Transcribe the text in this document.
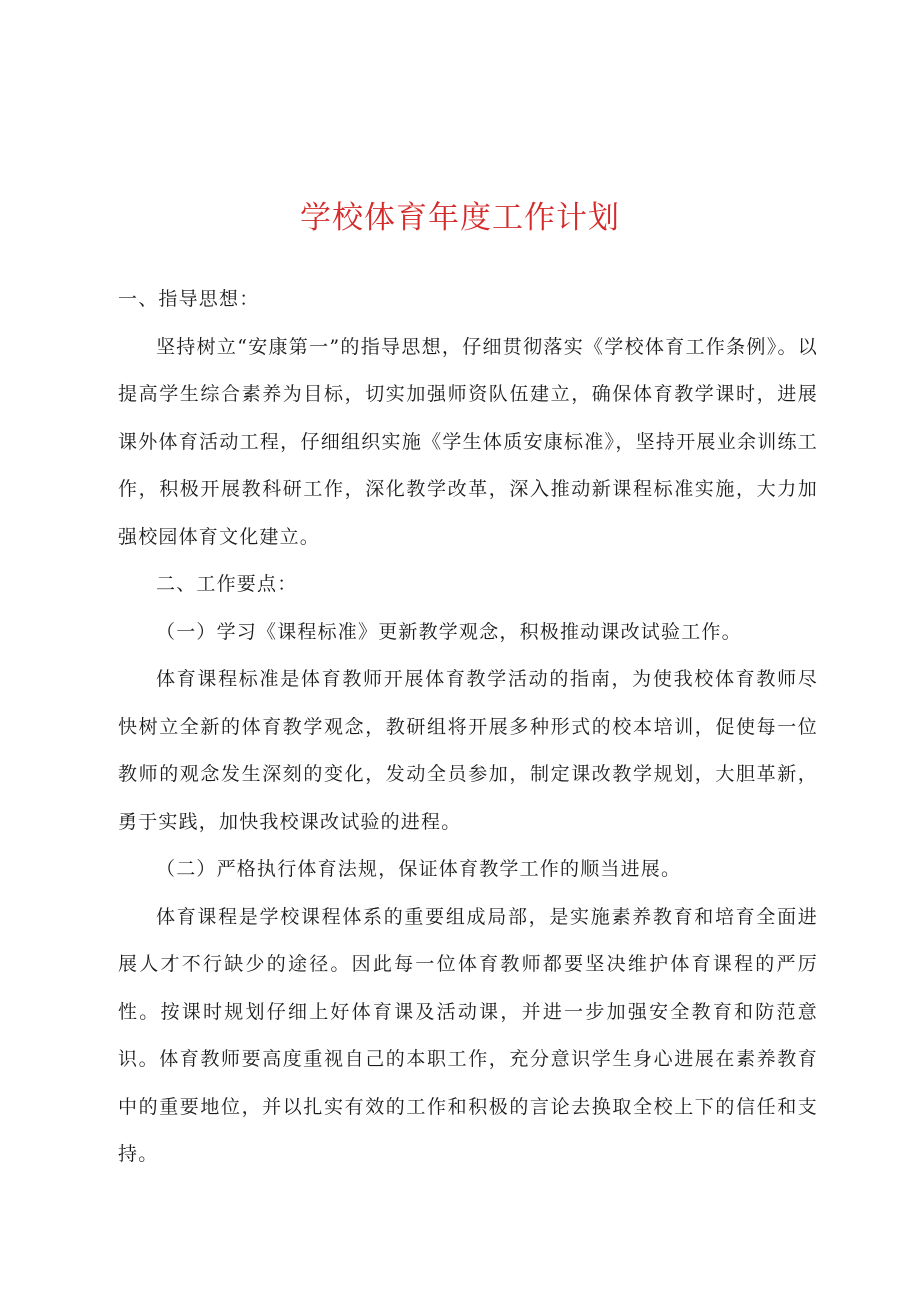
学校体育年度工作计划

一、指导思想：

坚持树立“安康第一”的指导思想，仔细贯彻落实《学校体育工作条例》。以提高学生综合素养为目标，切实加强师资队伍建立，确保体育教学课时，进展课外体育活动工程，仔细组织实施《学生体质安康标准》，坚持开展业余训练工作，积极开展教科研工作，深化教学改革，深入推动新课程标准实施，大力加强校园体育文化建立。

二、工作要点：

（一）学习《课程标准》更新教学观念，积极推动课改试验工作。

体育课程标准是体育教师开展体育教学活动的指南，为使我校体育教师尽快树立全新的体育教学观念，教研组将开展多种形式的校本培训，促使每一位教师的观念发生深刻的变化，发动全员参加，制定课改教学规划，大胆革新，勇于实践，加快我校课改试验的进程。

（二）严格执行体育法规，保证体育教学工作的顺当进展。

体育课程是学校课程体系的重要组成局部，是实施素养教育和培育全面进展人才不行缺少的途径。因此每一位体育教师都要坚决维护体育课程的严厉性。按课时规划仔细上好体育课及活动课，并进一步加强安全教育和防范意识。体育教师要高度重视自己的本职工作，充分意识学生身心进展在素养教育中的重要地位，并以扎实有效的工作和积极的言论去换取全校上下的信任和支持。
